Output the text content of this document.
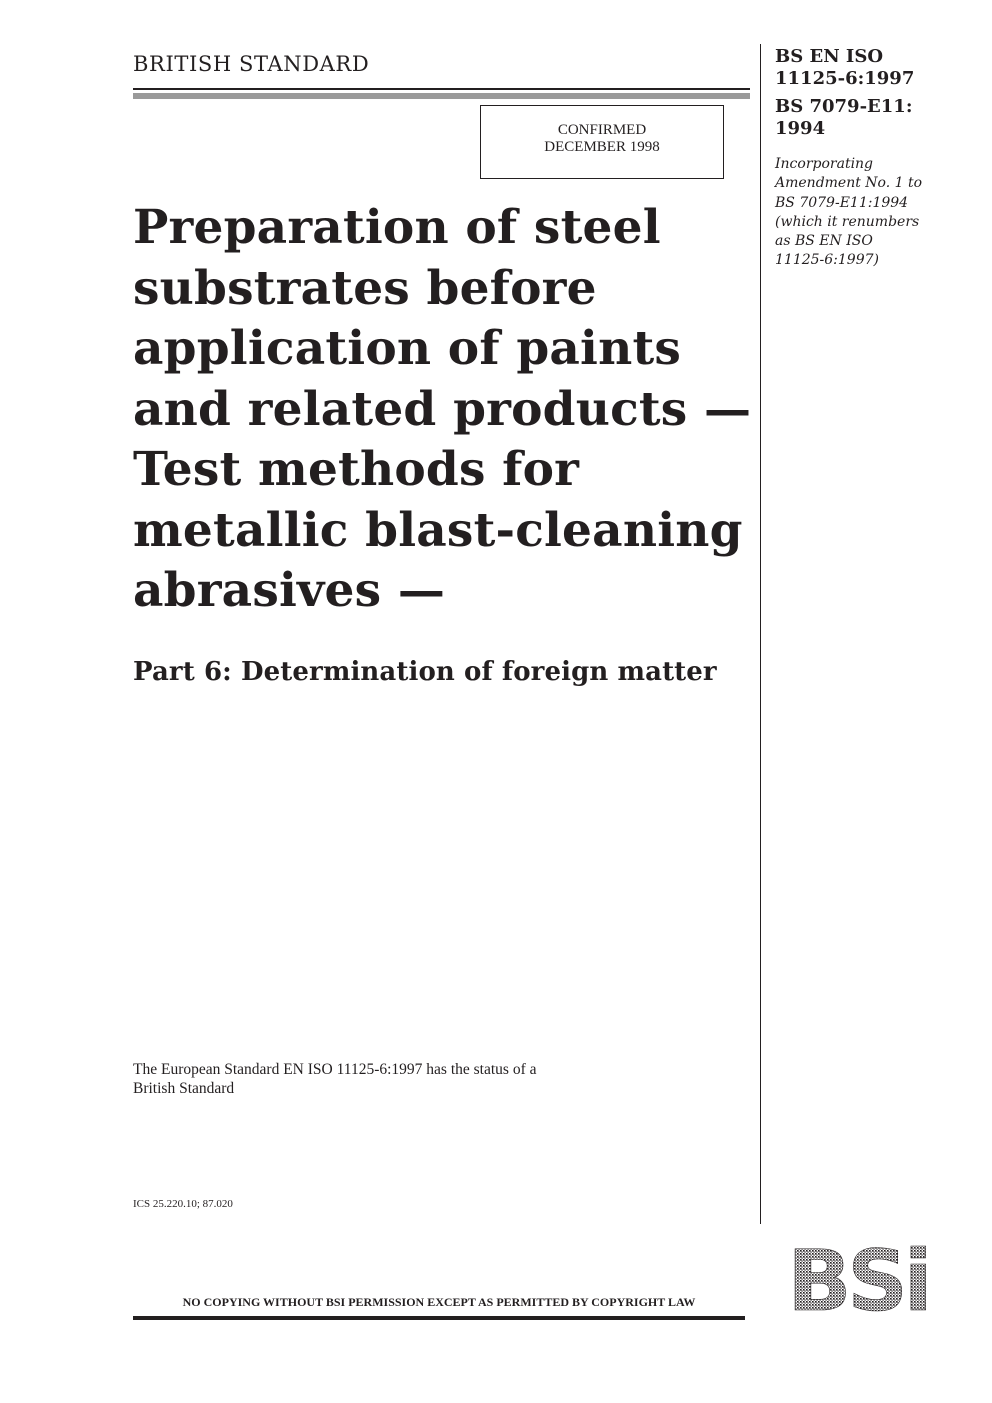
BRITISH STANDARD
CONFIRMED
DECEMBER 1998
Preparation of steel
substrates before
application of paints
and related products —
Test methods for
metallic blast-cleaning
abrasives —
Part 6: Determination of foreign matter
BS EN ISO
11125-6:1997
BS 7079-E11:
1994
Incorporating
Amendment No. 1 to
BS 7079-E11:1994
(which it renumbers
as BS EN ISO
11125-6:1997)
The European Standard EN ISO 11125-6:1997 has the status of a
British Standard
ICS 25.220.10; 87.020
NO COPYING WITHOUT BSI PERMISSION EXCEPT AS PERMITTED BY COPYRIGHT LAW	BSi
